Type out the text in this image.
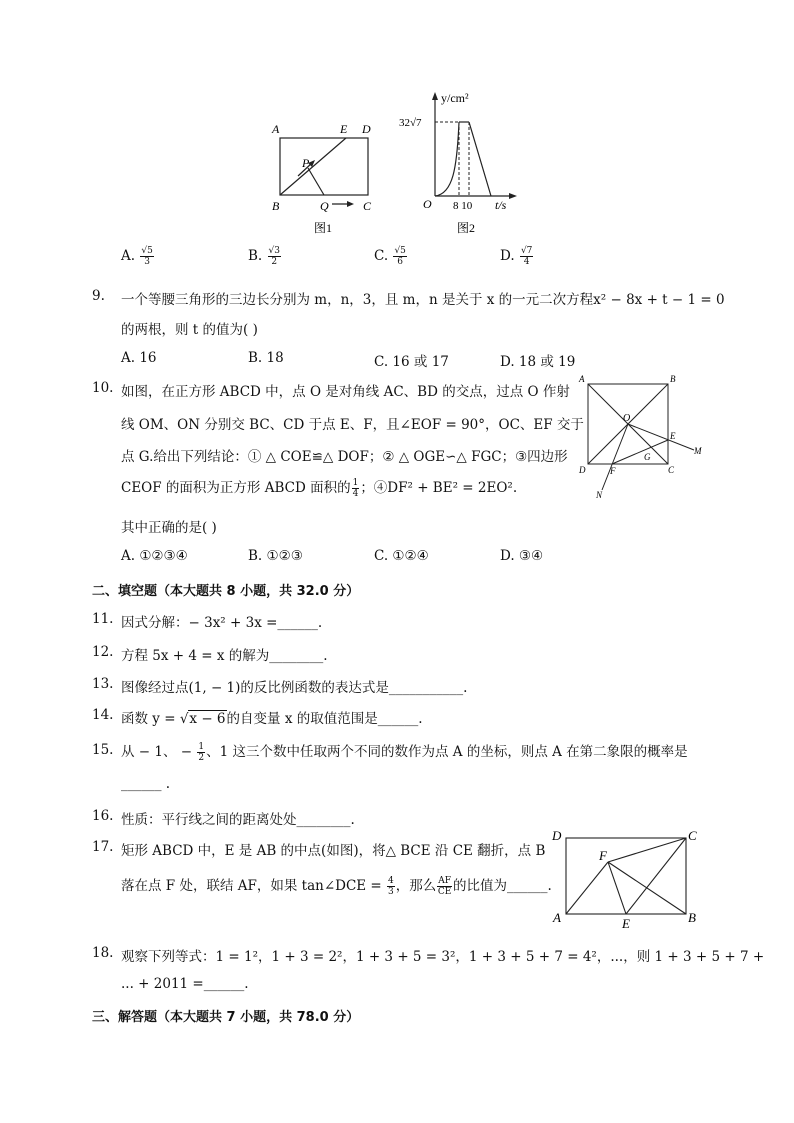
A	E D
P
B	Q	C
图1
y/cm²
32√7
O 8 10 t/s
图2
A. $\frac{√5}{3}$	B. $\frac{√3}{2}$	C. $\frac{√5}{6}$	D. $\frac{√7}{4}$
9.	一个等腰三角形的三边长分别为 m，n，3，且 m，n 是关于 x 的一元二次方程x² − 8x + t − 1 = 0
的两根，则 t 的值为( )
A. 16	B. 18	C. 16 或 17	D. 18 或 19
10. 如图，在正方形 ABCD 中，点 O 是对角线 AC、BD 的交点，过点 O 作射
线 OM、ON 分别交 BC、CD 于点 E、F，且∠EOF = 90°，OC、EF 交于
点 G.给出下列结论：① △ COE≌△ DOF；② △ OGE∽△ FGC；③四边形
CEOF 的面积为正方形 ABCD 面积的 $\frac{1}{4}$ ；④DF² + BE² = 2EO².
其中正确的是( )
A. ①②③④	B. ①②③	C. ①②④	D. ③④
A	B
O
E
M
G
D	F	C
N
二、填空题（本大题共 8 小题，共 32.0 分）
11. 因式分解：− 3x² + 3x =______.
12. 方程 5x + 4 = x 的解为________.
13. 图像经过点(1, − 1)的反比例函数的表达式是___________.
14. 函数 y = √x − 6的自变量 x 的取值范围是______.
15. 从 − 1、 − $\frac{1}{2}$ 、1 这三个数中任取两个不同的数作为点 A 的坐标，则点 A 在第二象限的概率是
______ .
16. 性质：平行线之间的距离处处________.
17. 矩形 ABCD 中，E 是 AB 的中点(如图)，将△ BCE 沿 CE 翻折，点 B
落在点 F 处，联结 AF，如果 tan∠DCE = $\frac{4}{3}$ ，那么 $\frac{AF}{CE}$ 的比值为______.
D	C
F
A	E	B
18. 观察下列等式：1 = 1²，1 + 3 = 2²，1 + 3 + 5 = 3²，1 + 3 + 5 + 7 = 4²，...，则 1 + 3 + 5 + 7 +
... + 2011 =______.
三、解答题（本大题共 7 小题，共 78.0 分）
